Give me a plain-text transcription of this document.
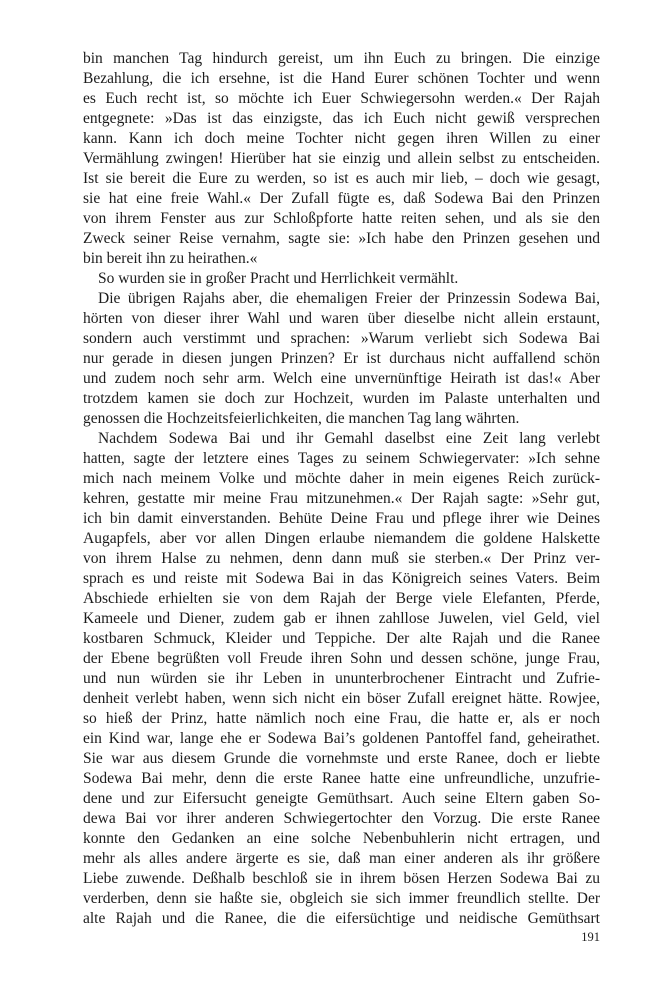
bin manchen Tag hindurch gereist, um ihn Euch zu bringen. Die einzige
Bezahlung, die ich ersehne, ist die Hand Eurer schönen Tochter und wenn
es Euch recht ist, so möchte ich Euer Schwiegersohn werden.« Der Rajah
entgegnete: »Das ist das einzigste, das ich Euch nicht gewiß versprechen
kann. Kann ich doch meine Tochter nicht gegen ihren Willen zu einer
Vermählung zwingen! Hierüber hat sie einzig und allein selbst zu entscheiden.
Ist sie bereit die Eure zu werden, so ist es auch mir lieb, – doch wie gesagt,
sie hat eine freie Wahl.« Der Zufall fügte es, daß Sodewa Bai den Prinzen
von ihrem Fenster aus zur Schloßpforte hatte reiten sehen, und als sie den
Zweck seiner Reise vernahm, sagte sie: »Ich habe den Prinzen gesehen und
bin bereit ihn zu heirathen.«
So wurden sie in großer Pracht und Herrlichkeit vermählt.
Die übrigen Rajahs aber, die ehemaligen Freier der Prinzessin Sodewa Bai,
hörten von dieser ihrer Wahl und waren über dieselbe nicht allein erstaunt,
sondern auch verstimmt und sprachen: »Warum verliebt sich Sodewa Bai
nur gerade in diesen jungen Prinzen? Er ist durchaus nicht auffallend schön
und zudem noch sehr arm. Welch eine unvernünftige Heirath ist das!« Aber
trotzdem kamen sie doch zur Hochzeit, wurden im Palaste unterhalten und
genossen die Hochzeitsfeierlichkeiten, die manchen Tag lang währten.
Nachdem Sodewa Bai und ihr Gemahl daselbst eine Zeit lang verlebt
hatten, sagte der letztere eines Tages zu seinem Schwiegervater: »Ich sehne
mich nach meinem Volke und möchte daher in mein eigenes Reich zurück-
kehren, gestatte mir meine Frau mitzunehmen.« Der Rajah sagte: »Sehr gut,
ich bin damit einverstanden. Behüte Deine Frau und pflege ihrer wie Deines
Augapfels, aber vor allen Dingen erlaube niemandem die goldene Halskette
von ihrem Halse zu nehmen, denn dann muß sie sterben.« Der Prinz ver-
sprach es und reiste mit Sodewa Bai in das Königreich seines Vaters. Beim
Abschiede erhielten sie von dem Rajah der Berge viele Elefanten, Pferde,
Kameele und Diener, zudem gab er ihnen zahllose Juwelen, viel Geld, viel
kostbaren Schmuck, Kleider und Teppiche. Der alte Rajah und die Ranee
der Ebene begrüßten voll Freude ihren Sohn und dessen schöne, junge Frau,
und nun würden sie ihr Leben in ununterbrochener Eintracht und Zufrie-
denheit verlebt haben, wenn sich nicht ein böser Zufall ereignet hätte. Rowjee,
so hieß der Prinz, hatte nämlich noch eine Frau, die hatte er, als er noch
ein Kind war, lange ehe er Sodewa Bai’s goldenen Pantoffel fand, geheirathet.
Sie war aus diesem Grunde die vornehmste und erste Ranee, doch er liebte
Sodewa Bai mehr, denn die erste Ranee hatte eine unfreundliche, unzufrie-
dene und zur Eifersucht geneigte Gemüthsart. Auch seine Eltern gaben So-
dewa Bai vor ihrer anderen Schwiegertochter den Vorzug. Die erste Ranee
konnte den Gedanken an eine solche Nebenbuhlerin nicht ertragen, und
mehr als alles andere ärgerte es sie, daß man einer anderen als ihr größere
Liebe zuwende. Deßhalb beschloß sie in ihrem bösen Herzen Sodewa Bai zu
verderben, denn sie haßte sie, obgleich sie sich immer freundlich stellte. Der
alte Rajah und die Ranee, die die eifersüchtige und neidische Gemüthsart
191
